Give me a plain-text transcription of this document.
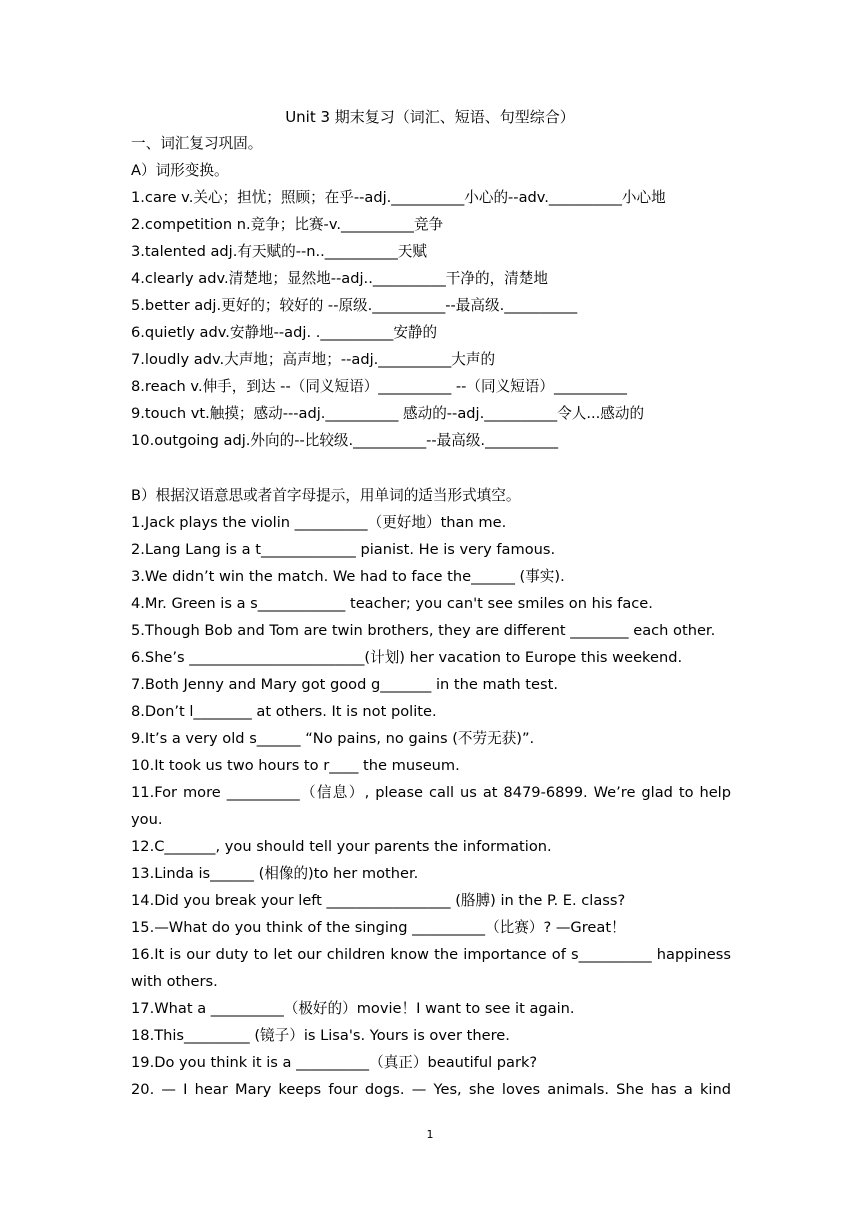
Unit 3 期末复习（词汇、短语、句型综合）
一、词汇复习巩固。
A）词形变换。
1.care v.关心；担忧；照顾；在乎--adj.__________小心的--adv.__________小心地
2.competition n.竞争；比赛-v.__________竞争
3.talented adj.有天赋的--n..__________天赋
4.clearly adv.清楚地；显然地--adj..__________干净的，清楚地
5.better adj.更好的；较好的 --原级.__________--最高级.__________
6.quietly adv.安静地--adj. .__________安静的
7.loudly adv.大声地；高声地；--adj.__________大声的
8.reach v.伸手，到达 --（同义短语）__________ --（同义短语）__________
9.touch vt.触摸；感动---adj.__________ 感动的--adj.__________令人...感动的
10.outgoing adj.外向的--比较级.__________--最高级.__________
B）根据汉语意思或者首字母提示，用单词的适当形式填空。
1.Jack plays the violin __________（更好地）than me.
2.Lang Lang is a t_____________ pianist. He is very famous.
3.We didn’t win the match. We had to face the______ (事实).
4.Mr. Green is a s____________ teacher; you can't see smiles on his face.
5.Though Bob and Tom are twin brothers, they are different ________ each other.
6.She’s ________________________(计划) her vacation to Europe this weekend.
7.Both Jenny and Mary got good g_______ in the math test.
8.Don’t l________ at others. It is not polite.
9.It’s a very old s______ “No pains, no gains (不劳无获)”.
10.It took us two hours to r____ the museum.
11.For more __________（信息）, please call us at 8479-6899. We’re glad to help
you.
12.C_______, you should tell your parents the information.
13.Linda is______ (相像的)to her mother.
14.Did you break your left _________________ (胳膊) in the P. E. class?
15.—What do you think of the singing __________（比赛）? —Great！
16.It is our duty to let our children know the importance of s__________ happiness
with others.
17.What a __________（极好的）movie！I want to see it again.
18.This_________ (镜子）is Lisa's. Yours is over there.
19.Do you think it is a __________（真正）beautiful park?
20. — I hear Mary keeps four dogs. — Yes, she loves animals. She has a kind
1
